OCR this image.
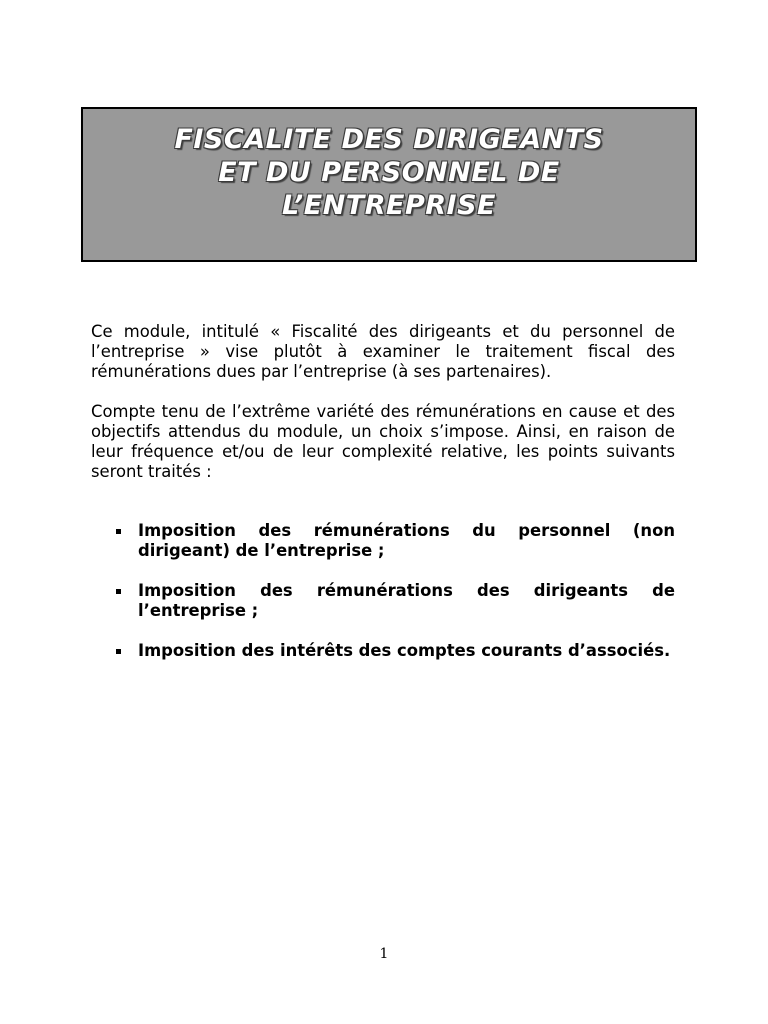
FISCALITE DES DIRIGEANTS
ET DU PERSONNEL DE
L’ENTREPRISE

Ce module, intitulé « Fiscalité des dirigeants et du personnel de l’entreprise » vise plutôt à examiner le traitement fiscal des rémunérations dues par l’entreprise (à ses partenaires).

Compte tenu de l’extrême variété des rémunérations en cause et des objectifs attendus du module, un choix s’impose. Ainsi, en raison de leur fréquence et/ou de leur complexité relative, les points suivants seront traités :

Imposition des rémunérations du personnel (non dirigeant) de l’entreprise ;
Imposition des rémunérations des dirigeants de l’entreprise ;
Imposition des intérêts des comptes courants d’associés.
1
